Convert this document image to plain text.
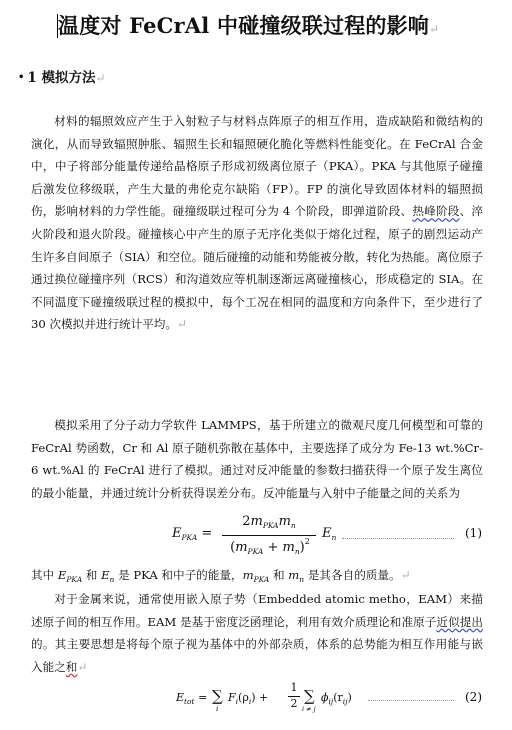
温度对 FeCrAl 中碰撞级联过程的影响↵
• 1 模拟方法↵

材料的辐照效应产生于入射粒子与材料点阵原子的相互作用，造成缺陷和微结构的演化，从而导致辐照肿胀、辐照生长和辐照硬化脆化等燃料性能变化。在 FeCrAl 合金中，中子将部分能量传递给晶格原子形成初级离位原子（PKA）。PKA 与其他原子碰撞后激发位移级联，产生大量的弗伦克尔缺陷（FP）。FP 的演化导致固体材料的辐照损伤，影响材料的力学性能。碰撞级联过程可分为 4 个阶段，即弹道阶段、热峰阶段、淬火阶段和退火阶段。碰撞核心中产生的原子无序化类似于熔化过程，原子的剧烈运动产生许多自间原子（SIA）和空位。随后碰撞的动能和势能被分散，转化为热能。离位原子通过换位碰撞序列（RCS）和沟道效应等机制逐渐远离碰撞核心，形成稳定的 SIA。在不同温度下碰撞级联过程的模拟中，每个工况在相同的温度和方向条件下，至少进行了 30 次模拟并进行统计平均。↵

模拟采用了分子动力学软件 LAMMPS，基于所建立的微观尺度几何模型和可靠的 FeCrAl 势函数，Cr 和 Al 原子随机弥散在基体中，主要选择了成分为 Fe-13 wt.%Cr-6 wt.%Al 的 FeCrAl 进行了模拟。通过对反冲能量的参数扫描获得一个原子发生离位的最小能量，并通过统计分析获得误差分布。反冲能量与入射中子能量之间的关系为

$E_{PKA}$ =
$2m_{PKA}m_n$
$(m_{PKA} + m_n)^2$
$E_n$	(1)

其中 $E_{PKA}$ 和 $E_n$ 是 PKA 和中子的能量，$m_{PKA}$ 和 $m_n$ 是其各自的质量。↵

对于金属来说，通常使用嵌入原子势（Embedded atomic metho，EAM）来描述原子间的相互作用。EAM 是基于密度泛函理论，利用有效介质理论和准原子近似提出的。其主要思想是将每个原子视为基体中的外部杂质，体系的总势能为相互作用能与嵌入能之和↵

$E_{tot}$ = ∑
i
$F_i(\rho_i)$ +
1
2 ∑
i ≠ j
$\phi_{ij}(r_{ij})$	(2)
